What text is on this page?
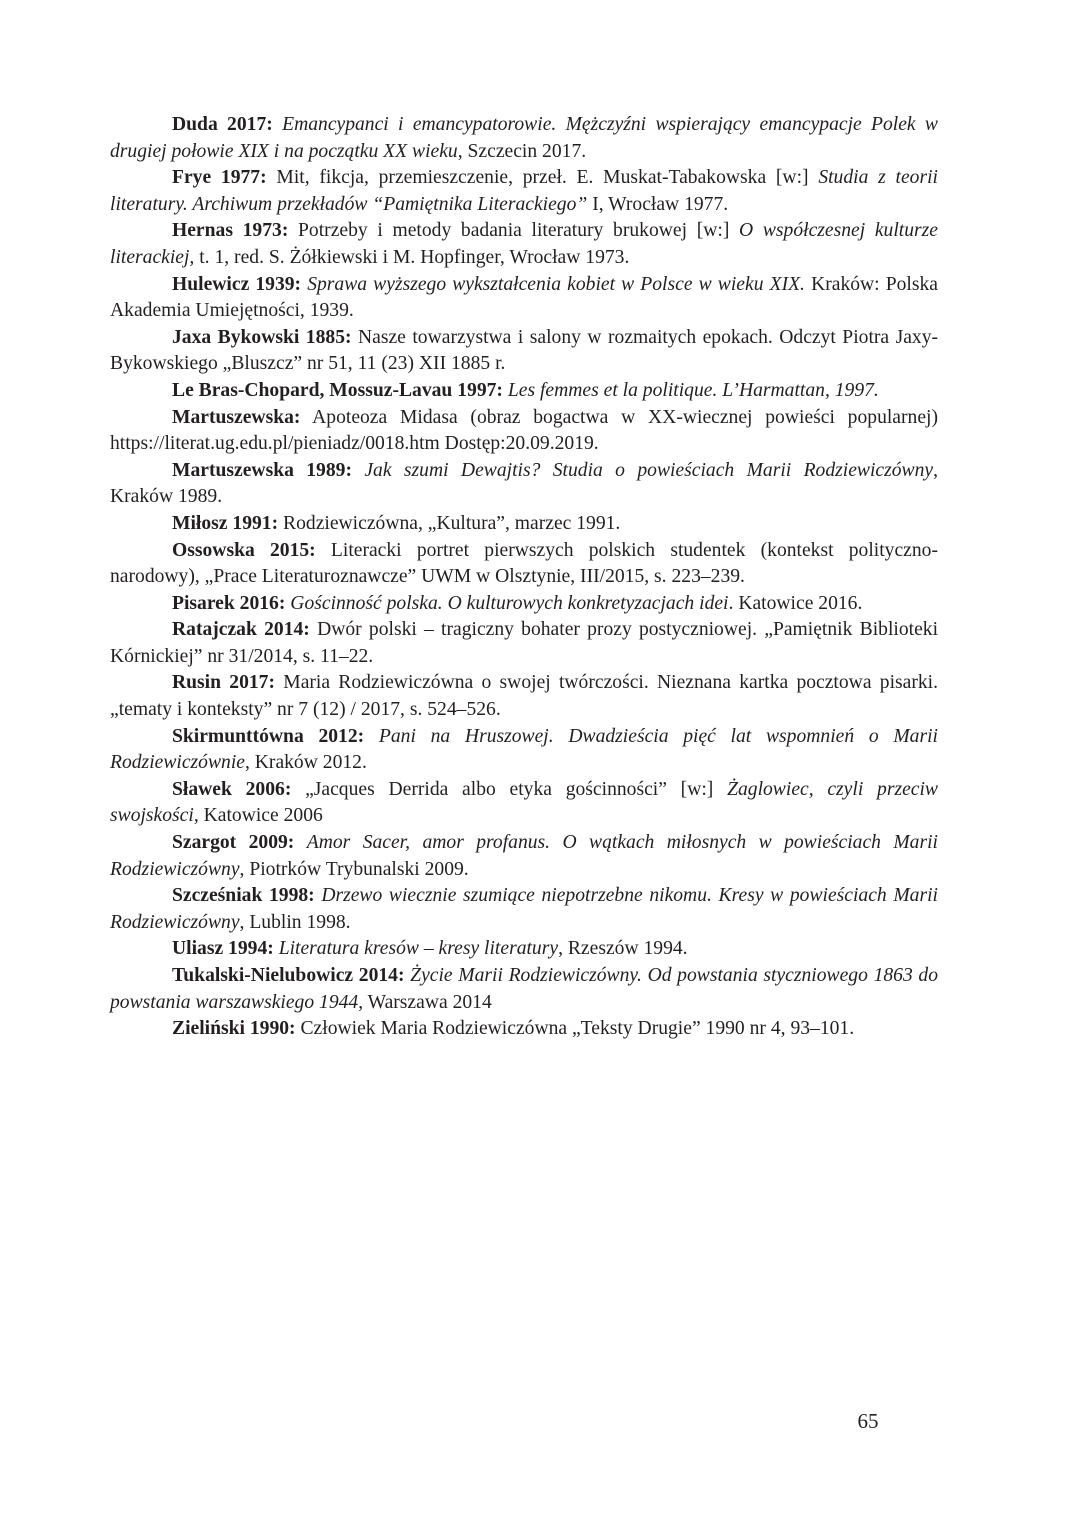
Duda 2017: Emancypanci i emancypatorowie. Mężczyźni wspierający emancypacje Polek w drugiej połowie XIX i na początku XX wieku, Szczecin 2017.

Frye 1977: Mit, fikcja, przemieszczenie, przeł. E. Muskat-Tabakowska [w:] Studia z teorii literatury. Archiwum przekładów “Pamiętnika Literackiego” I, Wrocław 1977.

Hernas 1973: Potrzeby i metody badania literatury brukowej [w:] O współczesnej kulturze literackiej, t. 1, red. S. Żółkiewski i M. Hopfinger, Wrocław 1973.

Hulewicz 1939: Sprawa wyższego wykształcenia kobiet w Polsce w wieku XIX. Kraków: Polska Akademia Umiejętności, 1939.

Jaxa Bykowski 1885: Nasze towarzystwa i salony w rozmaitych epokach. Odczyt Piotra Jaxy- Bykowskiego „Bluszcz” nr 51, 11 (23) XII 1885 r.

Le Bras-Chopard, Mossuz-Lavau 1997: Les femmes et la politique. L’Harmattan, 1997.

Martuszewska: Apoteoza Midasa (obraz bogactwa w XX-wiecznej powieści popularnej) https://literat.ug.edu.pl/pieniadz/0018.htm Dostęp:20.09.2019.

Martuszewska 1989: Jak szumi Dewajtis? Studia o powieściach Marii Rodziewiczówny, Kraków 1989.

Miłosz 1991: Rodziewiczówna, „Kultura”, marzec 1991.

Ossowska 2015: Literacki portret pierwszych polskich studentek (kontekst polityczno-narodowy), „Prace Literaturoznawcze” UWM w Olsztynie, III/2015, s. 223–239.

Pisarek 2016: Gościnność polska. O kulturowych konkretyzacjach idei. Katowice 2016.

Ratajczak 2014: Dwór polski – tragiczny bohater prozy postyczniowej. „Pamiętnik Biblioteki Kórnickiej” nr 31/2014, s. 11–22.

Rusin 2017: Maria Rodziewiczówna o swojej twórczości. Nieznana kartka pocztowa pisarki. „tematy i konteksty” nr 7 (12) / 2017, s. 524–526.

Skirmunttówna 2012: Pani na Hruszowej. Dwadzieścia pięć lat wspomnień o Marii Rodziewiczównie, Kraków 2012.

Sławek 2006: „Jacques Derrida albo etyka gościnności” [w:] Żaglowiec, czyli przeciw swojskości, Katowice 2006

Szargot 2009: Amor Sacer, amor profanus. O wątkach miłosnych w powieściach Marii Rodziewiczówny, Piotrków Trybunalski 2009.

Szcześniak 1998: Drzewo wiecznie szumiące niepotrzebne nikomu. Kresy w powieściach Marii Rodziewiczówny, Lublin 1998.

Uliasz 1994: Literatura kresów – kresy literatury, Rzeszów 1994.

Tukalski-Nielubowicz 2014: Życie Marii Rodziewiczówny. Od powstania styczniowego 1863 do powstania warszawskiego 1944, Warszawa 2014

Zieliński 1990: Człowiek Maria Rodziewiczówna „Teksty Drugie” 1990 nr 4, 93–101.

65
